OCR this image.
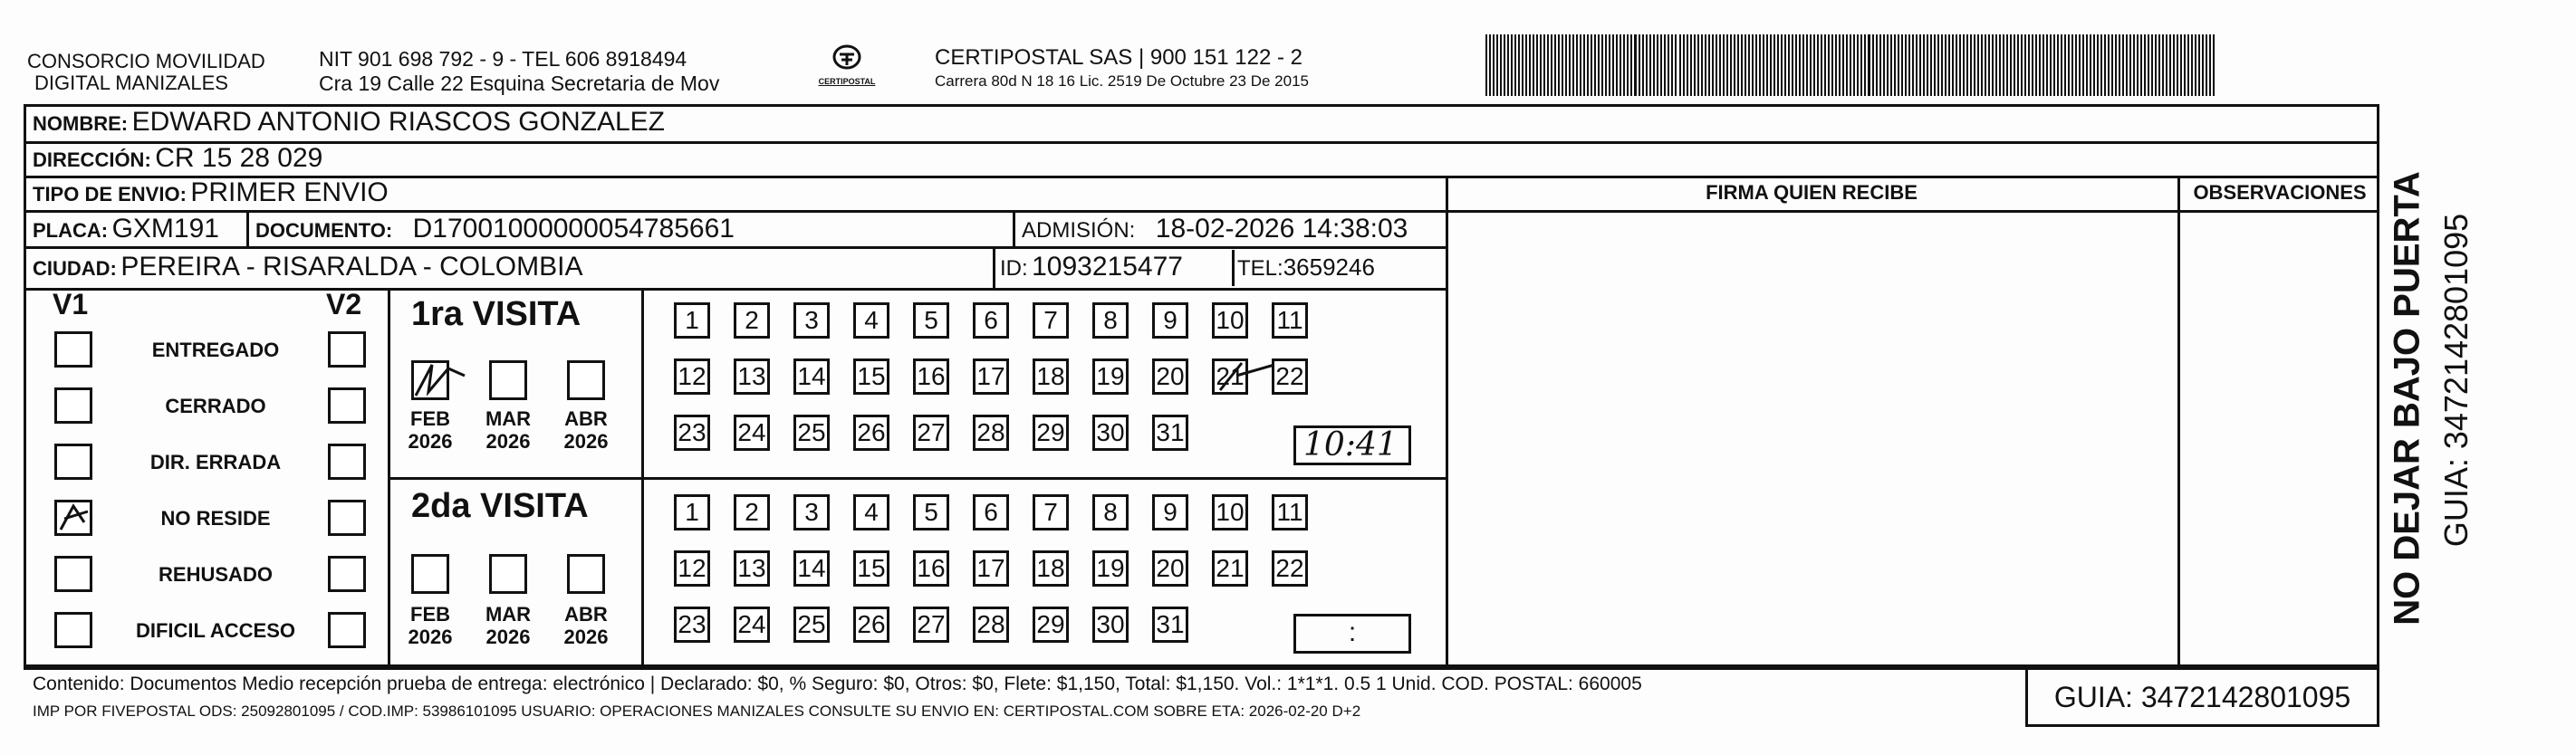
CONSORCIO MOVILIDAD
DIGITAL MANIZALES
NIT 901 698 792 - 9 - TEL 606 8918494
Cra 19 Calle 22 Esquina Secretaria de Mov	CERTIPOSTAL
CERTIPOSTAL SAS | 900 151 122 - 2
Carrera 80d N 18 16 Lic. 2519 De Octubre 23 De 2015
NOMBRE: EDWARD ANTONIO RIASCOS GONZALEZ
DIRECCIÓN: CR 15 28 029
TIPO DE ENVIO: PRIMER ENVIO	FIRMA QUIEN RECIBE	OBSERVACIONES
PLACA: GXM191 DOCUMENTO: D17001000000054785661	ADMISIÓN: 18-02-2026 14:38:03
CIUDAD: PEREIRA - RISARALDA - COLOMBIA	ID: 1093215477	TEL:3659246
V1	V2 1ra VISITA
2da VISITA
10:41
:
Contenido: Documentos Medio recepción prueba de entrega: electrónico | Declarado: $0, % Seguro: $0, Otros: $0, Flete: $1,150, Total: $1,150. Vol.: 1*1*1. 0.5 1 Unid. COD. POSTAL: 660005
IMP POR FIVEPOSTAL ODS: 25092801095 / COD.IMP: 53986101095 USUARIO: OPERACIONES MANIZALES CONSULTE SU ENVIO EN: CERTIPOSTAL.COM SOBRE ETA: 2026-02-20 D+2	GUIA: 3472142801095
NO DEJAR BAJO PUERTA GUIA: 3472142801095
ENTREGADO
CERRADO
DIR. ERRADA
NO RESIDE
REHUSADO
DIFICIL ACCESO
FEB
2026
MAR
2026
ABR
2026
FEB
2026
MAR
2026
ABR
2026
1	2	3	4	5	6	7	8	9	10 11
12 13 14 15 16 17 18 19 20 21 22
23 24 25 26 27 28 29 30 31
1	2	3	4	5	6	7	8	9	10 11
12 13 14 15 16 17 18 19 20 21 22
23 24 25 26 27 28 29 30 31
